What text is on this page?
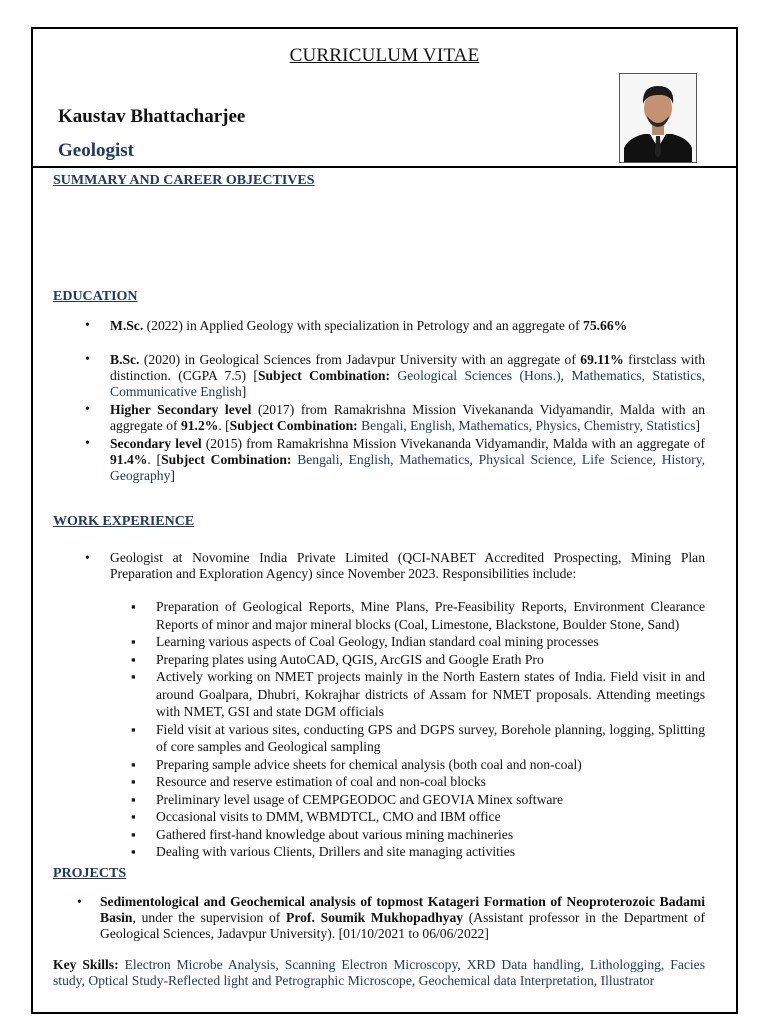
CURRICULUM VITAE
Kaustav Bhattacharjee
Geologist
SUMMARY AND CAREER OBJECTIVES
EDUCATION
• M.Sc. (2022) in Applied Geology with specialization in Petrology and an aggregate of 75.66%
• B.Sc. (2020) in Geological Sciences from Jadavpur University with an aggregate of 69.11% firstclass with distinction. (CGPA 7.5) [Subject Combination: Geological Sciences (Hons.), Mathematics, Statistics, Communicative English]
• Higher Secondary level (2017) from Ramakrishna Mission Vivekananda Vidyamandir, Malda with an aggregate of 91.2%. [Subject Combination: Bengali, English, Mathematics, Physics, Chemistry, Statistics]
• Secondary level (2015) from Ramakrishna Mission Vivekananda Vidyamandir, Malda with an aggregate of 91.4%. [Subject Combination: Bengali, English, Mathematics, Physical Science, Life Science, History, Geography]
WORK EXPERIENCE
• Geologist at Novomine India Private Limited (QCI-NABET Accredited Prospecting, Mining Plan Preparation and Exploration Agency) since November 2023. Responsibilities include:
▪ Preparation of Geological Reports, Mine Plans, Pre-Feasibility Reports, Environment Clearance Reports of minor and major mineral blocks (Coal, Limestone, Blackstone, Boulder Stone, Sand)
▪ Learning various aspects of Coal Geology, Indian standard coal mining processes
▪ Preparing plates using AutoCAD, QGIS, ArcGIS and Google Erath Pro
▪ Actively working on NMET projects mainly in the North Eastern states of India. Field visit in and around Goalpara, Dhubri, Kokrajhar districts of Assam for NMET proposals. Attending meetings with NMET, GSI and state DGM officials
▪ Field visit at various sites, conducting GPS and DGPS survey, Borehole planning, logging, Splitting of core samples and Geological sampling
▪ Preparing sample advice sheets for chemical analysis (both coal and non-coal)
▪ Resource and reserve estimation of coal and non-coal blocks
▪ Preliminary level usage of CEMPGEODOC and GEOVIA Minex software
▪ Occasional visits to DMM, WBMDTCL, CMO and IBM office
▪ Gathered first-hand knowledge about various mining machineries
▪ Dealing with various Clients, Drillers and site managing activities
PROJECTS
• Sedimentological and Geochemical analysis of topmost Katageri Formation of Neoproterozoic Badami Basin, under the supervision of Prof. Soumik Mukhopadhyay (Assistant professor in the Department of Geological Sciences, Jadavpur University). [01/10/2021 to 06/06/2022]
Key Skills: Electron Microbe Analysis, Scanning Electron Microscopy, XRD Data handling, Lithologging, Facies study, Optical Study-Reflected light and Petrographic Microscope, Geochemical data Interpretation, Illustrator
